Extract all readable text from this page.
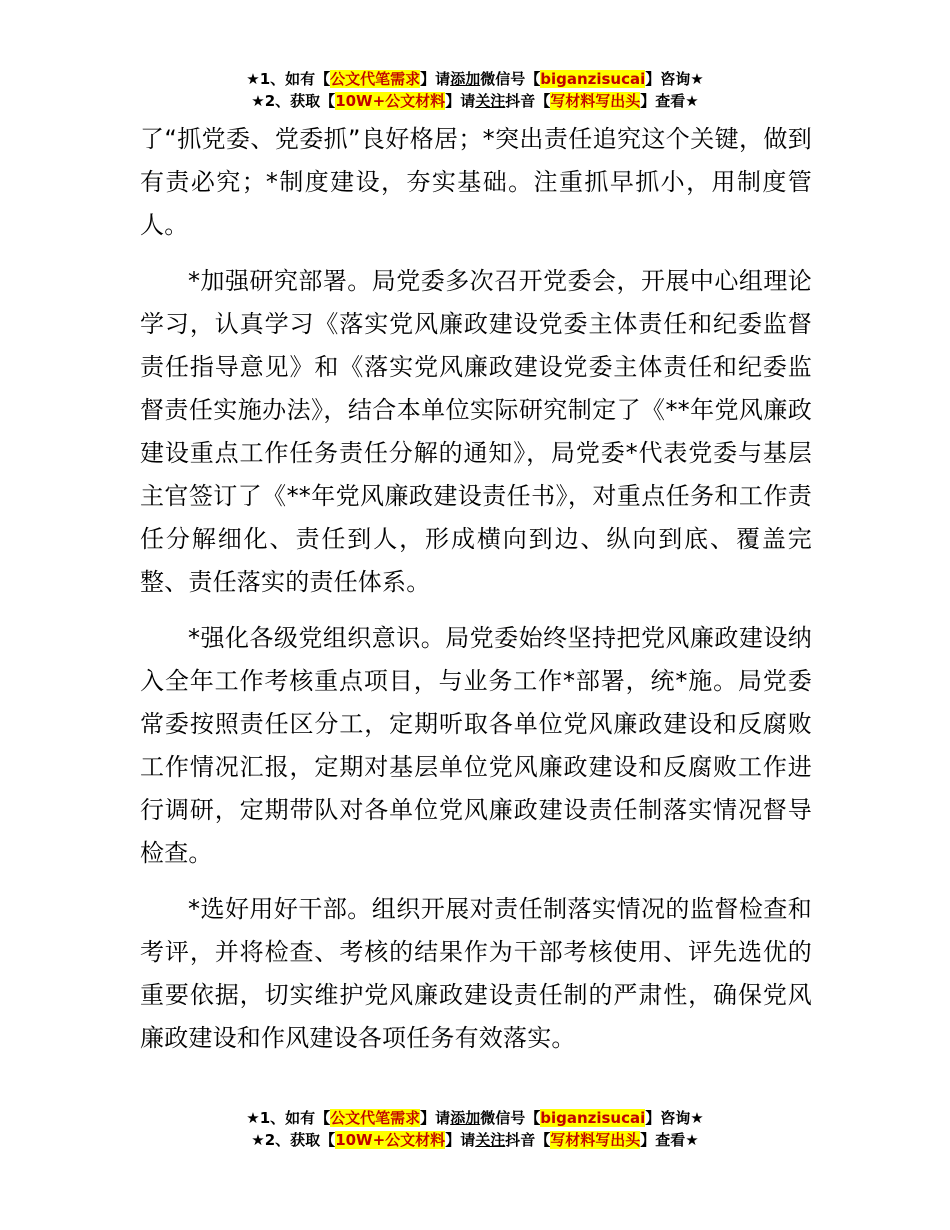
★1、如有【公文代笔需求】请添加微信号【biganzisucai】咨询★
★2、获取【10W+公文材料】请关注抖音【写材料写出头】查看★

了“抓党委、党委抓”良好格居；*突出责任追究这个关键，做到有责必究；*制度建设，夯实基础。注重抓早抓小，用制度管人。

*加强研究部署。局党委多次召开党委会，开展中心组理论学习，认真学习《落实党风廉政建设党委主体责任和纪委监督责任指导意见》和《落实党风廉政建设党委主体责任和纪委监督责任实施办法》，结合本单位实际研究制定了《**年党风廉政建设重点工作任务责任分解的通知》，局党委*代表党委与基层主官签订了《**年党风廉政建设责任书》，对重点任务和工作责任分解细化、责任到人，形成横向到边、纵向到底、覆盖完整、责任落实的责任体系。

*强化各级党组织意识。局党委始终坚持把党风廉政建设纳入全年工作考核重点项目，与业务工作*部署，统*施。局党委常委按照责任区分工，定期听取各单位党风廉政建设和反腐败工作情况汇报，定期对基层单位党风廉政建设和反腐败工作进行调研，定期带队对各单位党风廉政建设责任制落实情况督导检查。

*选好用好干部。组织开展对责任制落实情况的监督检查和考评，并将检查、考核的结果作为干部考核使用、评先选优的重要依据，切实维护党风廉政建设责任制的严肃性，确保党风廉政建设和作风建设各项任务有效落实。

★1、如有【公文代笔需求】请添加微信号【biganzisucai】咨询★
★2、获取【10W+公文材料】请关注抖音【写材料写出头】查看★
